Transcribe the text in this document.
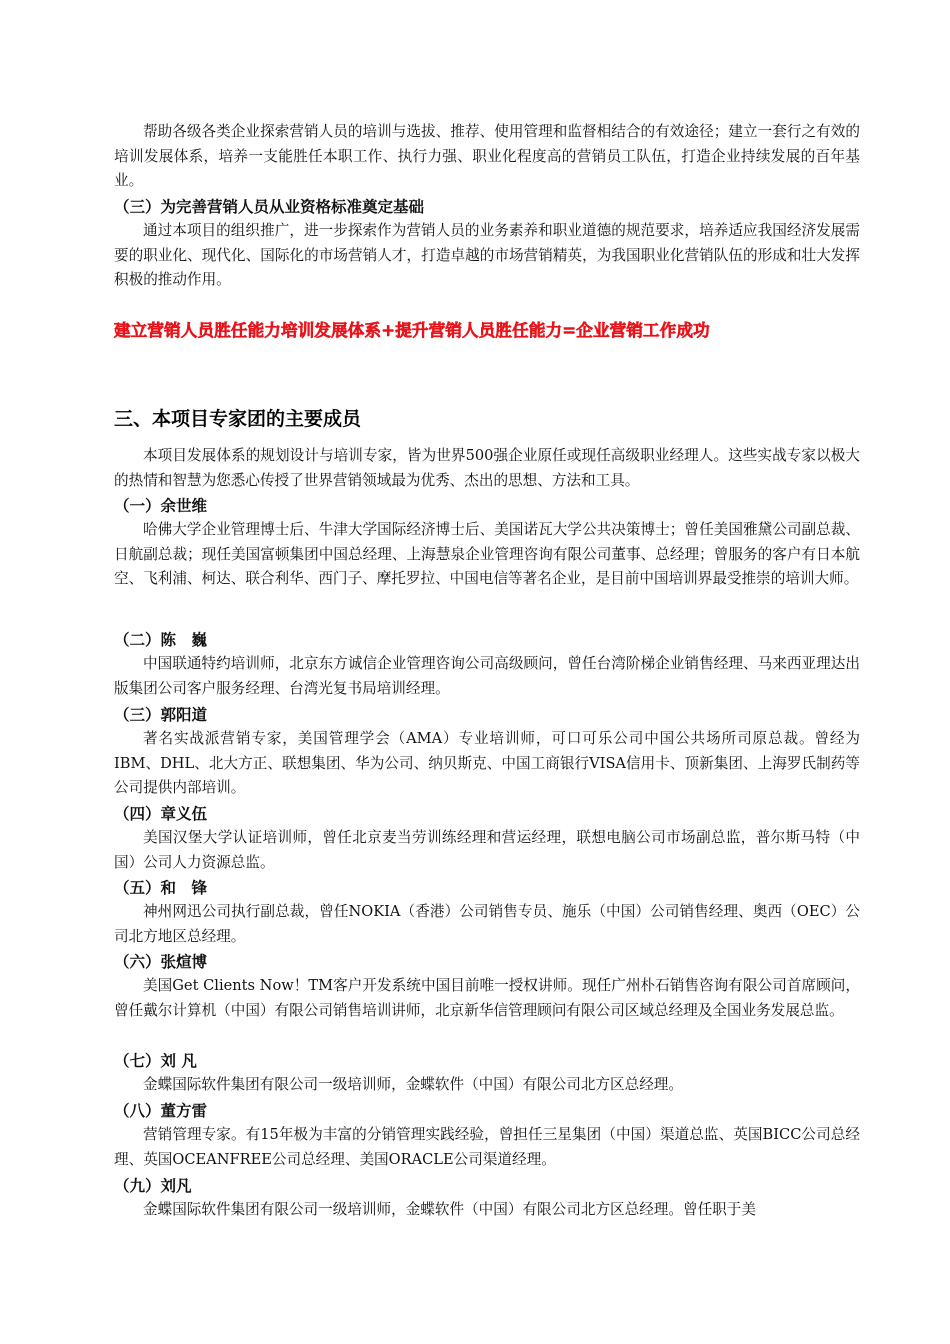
帮助各级各类企业探索营销人员的培训与选拔、推荐、使用管理和监督相结合的有效途径；建立一套行之有效的培训发展体系，培养一支能胜任本职工作、执行力强、职业化程度高的营销员工队伍，打造企业持续发展的百年基业。

（三）为完善营销人员从业资格标准奠定基础

通过本项目的组织推广，进一步探索作为营销人员的业务素养和职业道德的规范要求，培养适应我国经济发展需要的职业化、现代化、国际化的市场营销人才，打造卓越的市场营销精英，为我国职业化营销队伍的形成和壮大发挥积极的推动作用。

建立营销人员胜任能力培训发展体系+提升营销人员胜任能力=企业营销工作成功
三、本项目专家团的主要成员

本项目发展体系的规划设计与培训专家，皆为世界500强企业原任或现任高级职业经理人。这些实战专家以极大的热情和智慧为您悉心传授了世界营销领域最为优秀、杰出的思想、方法和工具。

（一）余世维

哈佛大学企业管理博士后、牛津大学国际经济博士后、美国诺瓦大学公共决策博士；曾任美国雅黛公司副总裁、日航副总裁；现任美国富顿集团中国总经理、上海慧泉企业管理咨询有限公司董事、总经理；曾服务的客户有日本航空、飞利浦、柯达、联合利华、西门子、摩托罗拉、中国电信等著名企业，是目前中国培训界最受推崇的培训大师。

（二）陈　巍

中国联通特约培训师，北京东方诚信企业管理咨询公司高级顾问，曾任台湾阶梯企业销售经理、马来西亚理达出版集团公司客户服务经理、台湾光复书局培训经理。

（三）郭阳道

著名实战派营销专家，美国管理学会（AMA）专业培训师，可口可乐公司中国公共场所司原总裁。曾经为IBM、DHL、北大方正、联想集团、华为公司、纳贝斯克、中国工商银行VISA信用卡、顶新集团、上海罗氏制药等公司提供内部培训。

（四）章义伍

美国汉堡大学认证培训师，曾任北京麦当劳训练经理和营运经理，联想电脑公司市场副总监，普尔斯马特（中国）公司人力资源总监。

（五）和　锋

神州网迅公司执行副总裁，曾任NOKIA（香港）公司销售专员、施乐（中国）公司销售经理、奥西（OEC）公司北方地区总经理。

（六）张煊博

美国Get Clients Now！TM客户开发系统中国目前唯一授权讲师。现任广州朴石销售咨询有限公司首席顾问，曾任戴尔计算机（中国）有限公司销售培训讲师，北京新华信管理顾问有限公司区域总经理及全国业务发展总监。

（七）刘 凡

金蝶国际软件集团有限公司一级培训师，金蝶软件（中国）有限公司北方区总经理。

（八）董方雷

营销管理专家。有15年极为丰富的分销管理实践经验，曾担任三星集团（中国）渠道总监、英国BICC公司总经理、英国OCEANFREE公司总经理、美国ORACLE公司渠道经理。

（九）刘凡

金蝶国际软件集团有限公司一级培训师，金蝶软件（中国）有限公司北方区总经理。曾任职于美
